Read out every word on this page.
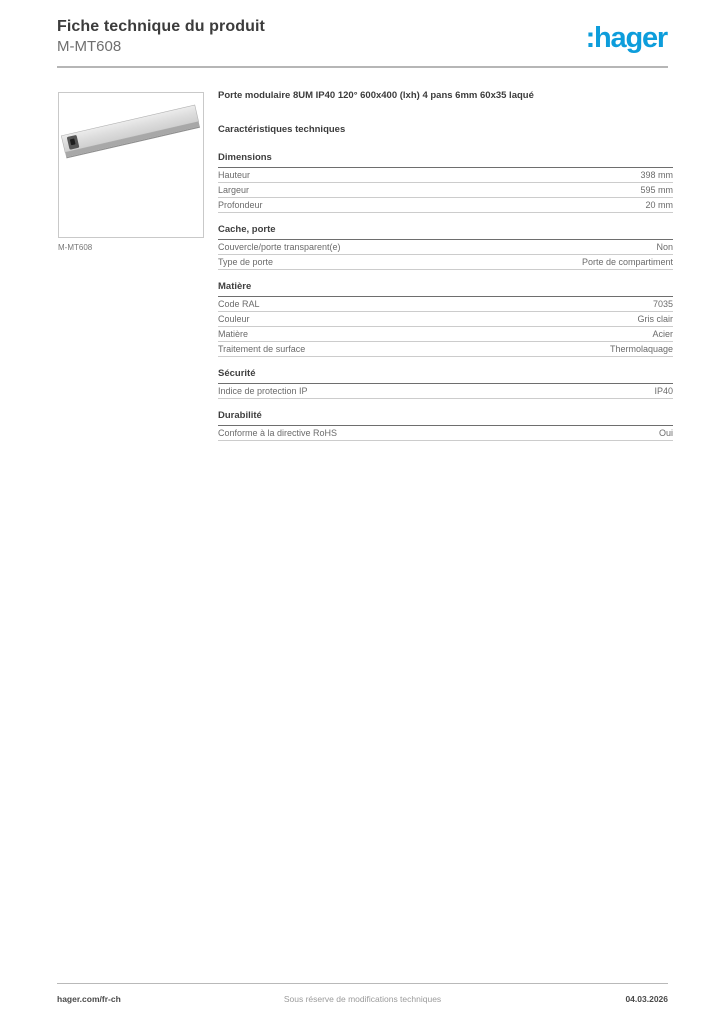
Fiche technique du produit
M-MT608	:hager
M-MT608
Porte modulaire 8UM IP40 120° 600x400 (lxh) 4 pans 6mm 60x35 laqué
Caractéristiques techniques
Dimensions
Hauteur	398 mm
Largeur	595 mm
Profondeur	20 mm
Cache, porte
Couvercle/porte transparent(e)	Non
Type de porte	Porte de compartiment
Matière
Code RAL	7035
Couleur	Gris clair
Matière	Acier
Traitement de surface	Thermolaquage
Sécurité
Indice de protection IP	IP40
Durabilité
Conforme à la directive RoHS	Oui
hager.com/fr-ch	Sous réserve de modifications techniques	04.03.2026
